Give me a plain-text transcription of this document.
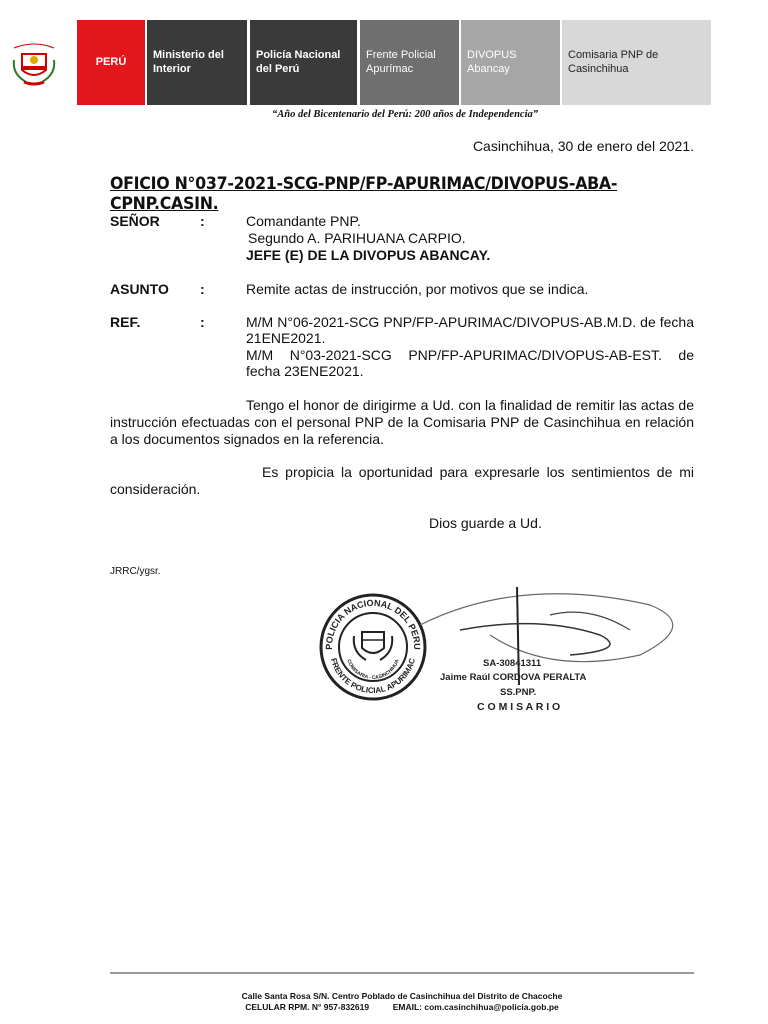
PERÚ
Ministerio del Interior
Policía Nacional del Perú
Frente Policial Apurímac
DIVOPUS Abancay
Comisaria PNP de Casinchihua
“Año del Bicentenario del Perú: 200 años de Independencia”
Casinchihua, 30 de enero del 2021.
OFICIO N°037-2021-SCG-PNP/FP-APURIMAC/DIVOPUS-ABA-CPNP.CASIN.
SEÑOR	:	Comandante PNP.
Segundo A. PARIHUANA CARPIO.
JEFE (E) DE LA DIVOPUS ABANCAY.
ASUNTO :	Remite actas de instrucción, por motivos que se indica.
REF.	:	M/M N°06-2021-SCG PNP/FP-APURIMAC/DIVOPUS-AB.M.D. de fecha 21ENE2021.
M/M N°03-2021-SCG PNP/FP-APURIMAC/DIVOPUS-AB-EST. de fecha 23ENE2021.
Tengo el honor de dirigirme a Ud. con la finalidad de remitir las actas de instrucción efectuadas con el personal PNP de la Comisaria PNP de Casinchihua en relación a los documentos signados en la referencia.
Es propicia la oportunidad para expresarle los sentimientos de mi consideración.
Dios guarde a Ud.
JRRC/ygsr.
POLICIA NACIONAL DEL PERU
FRENTE POLICIAL APURIMAC
COMISARIA - CASINCHIHUA	SA-30841311
Jaime Raúl CORDOVA PERALTA
SS.PNP.
C O M I S A R I O
Calle Santa Rosa S/N. Centro Poblado de Casinchihua del Distrito de Chacoche
CELULAR RPM. N° 957-832619          EMAIL: com.casinchihua@policia.gob.pe
